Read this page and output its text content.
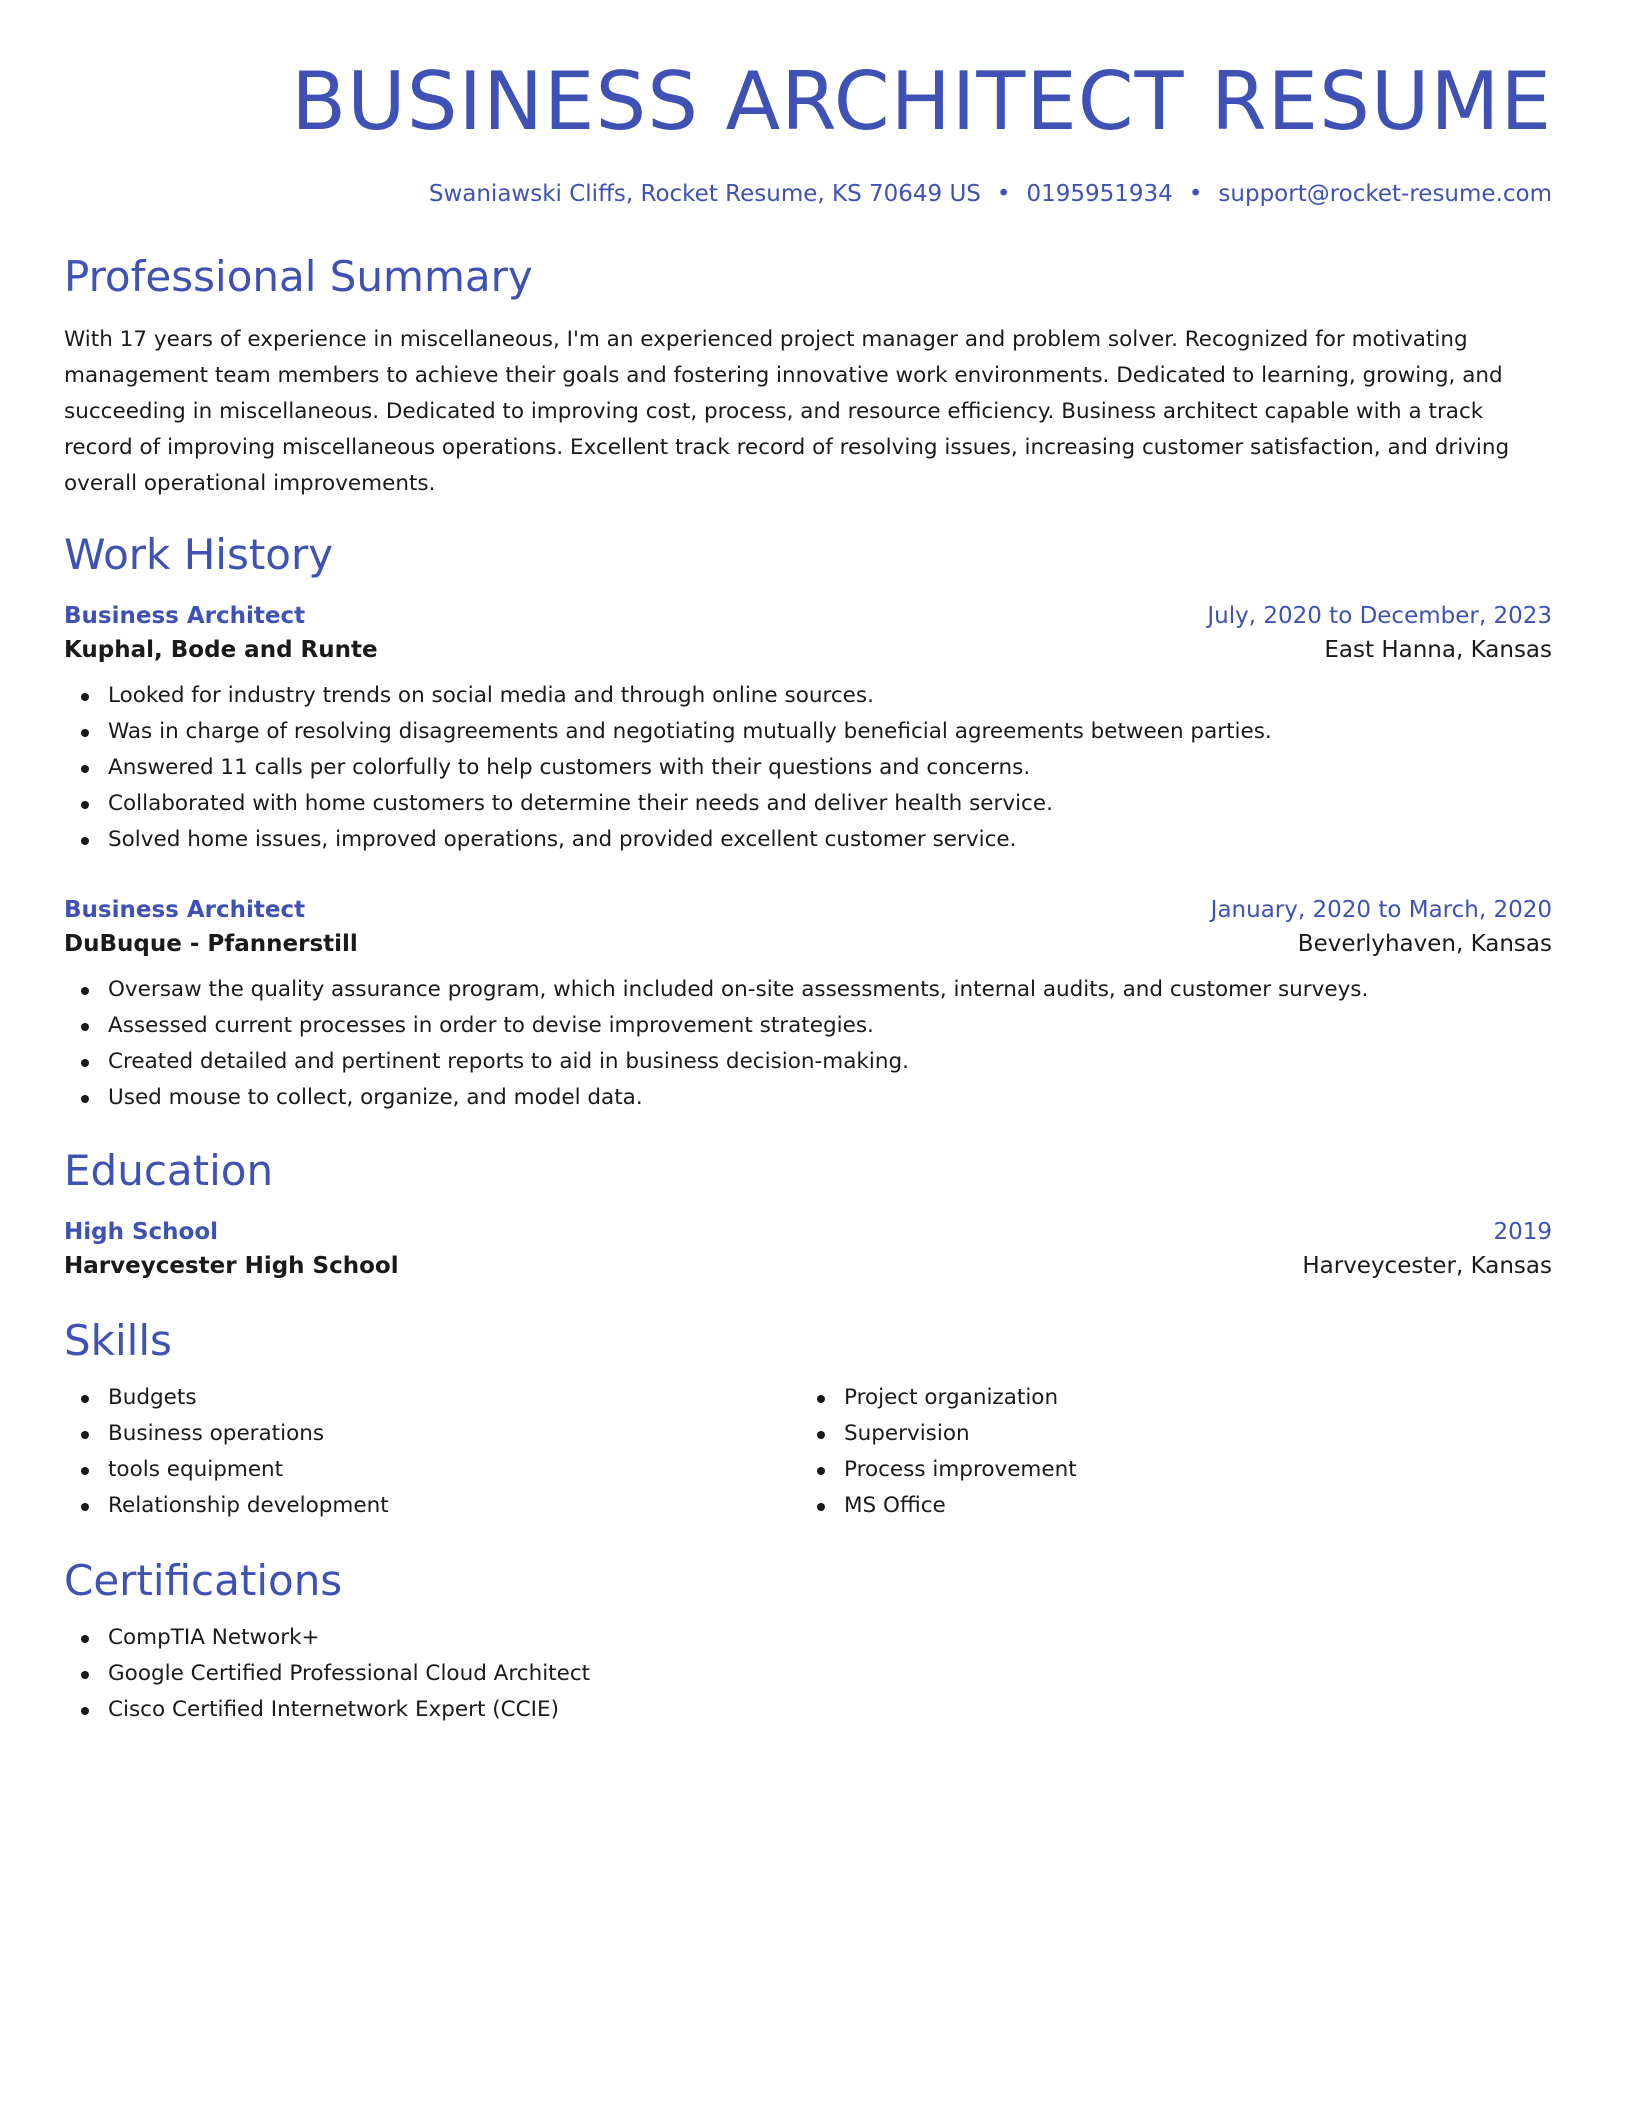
BUSINESS ARCHITECT RESUME
Swaniawski Cliffs, Rocket Resume, KS 70649 US • 0195951934 • support@rocket-resume.com
Professional Summary
With 17 years of experience in miscellaneous, I'm an experienced project manager and problem solver. Recognized for motivating management team members to achieve their goals and fostering innovative work environments. Dedicated to learning, growing, and succeeding in miscellaneous. Dedicated to improving cost, process, and resource efficiency. Business architect capable with a track record of improving miscellaneous operations. Excellent track record of resolving issues, increasing customer satisfaction, and driving overall operational improvements.
Work History
Business Architect	July, 2020 to December, 2023
Kuphal, Bode and Runte	East Hanna, Kansas
Looked for industry trends on social media and through online sources.
Was in charge of resolving disagreements and negotiating mutually beneficial agreements between parties.
Answered 11 calls per colorfully to help customers with their questions and concerns.
Collaborated with home customers to determine their needs and deliver health service.
Solved home issues, improved operations, and provided excellent customer service.
Business Architect	January, 2020 to March, 2020
DuBuque - Pfannerstill	Beverlyhaven, Kansas
Oversaw the quality assurance program, which included on-site assessments, internal audits, and customer surveys.
Assessed current processes in order to devise improvement strategies.
Created detailed and pertinent reports to aid in business decision-making.
Used mouse to collect, organize, and model data.
Education
High School	2019
Harveycester High School	Harveycester, Kansas
Skills
Budgets
Business operations
tools equipment
Relationship development
Project organization
Supervision
Process improvement
MS Office
Certifications
CompTIA Network+
Google Certified Professional Cloud Architect
Cisco Certified Internetwork Expert (CCIE)
